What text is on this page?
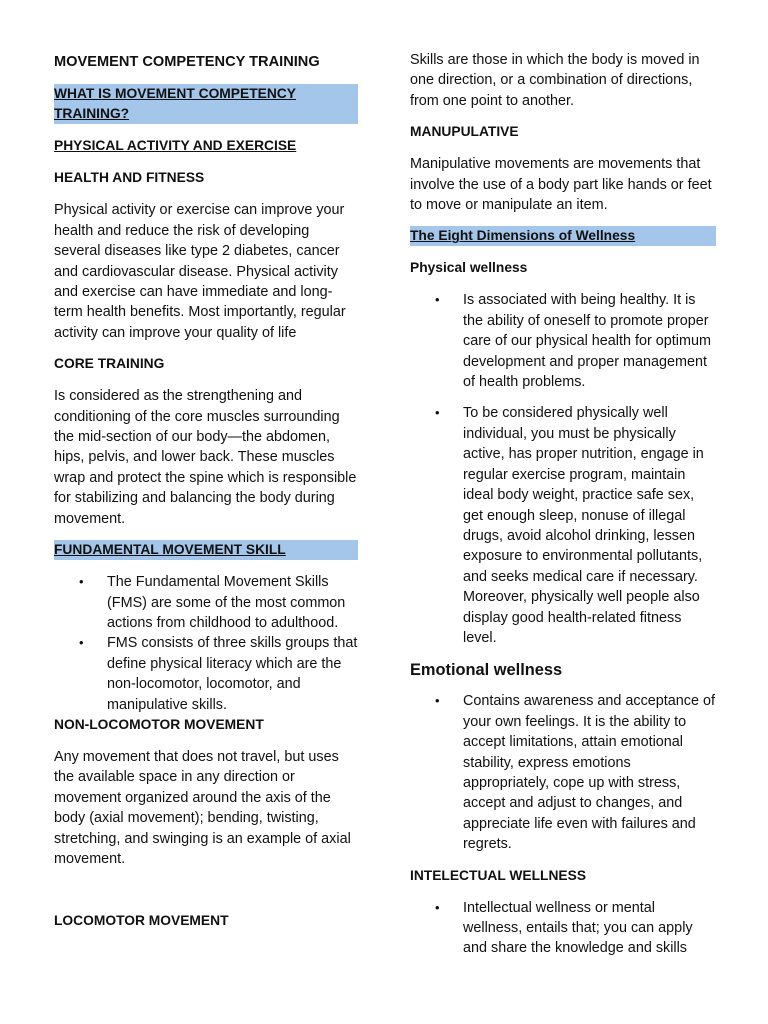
MOVEMENT COMPETENCY TRAINING

WHAT IS MOVEMENT COMPETENCY TRAINING?

PHYSICAL ACTIVITY AND EXERCISE

HEALTH AND FITNESS

Physical activity or exercise can improve your health and reduce the risk of developing several diseases like type 2 diabetes, cancer and cardiovascular disease. Physical activity and exercise can have immediate and long-term health benefits. Most importantly, regular activity can improve your quality of life

CORE TRAINING

Is considered as the strengthening and conditioning of the core muscles surrounding the mid-section of our body—the abdomen, hips, pelvis, and lower back. These muscles wrap and protect the spine which is responsible for stabilizing and balancing the body during movement.

FUNDAMENTAL MOVEMENT SKILL

• The Fundamental Movement Skills (FMS) are some of the most common actions from childhood to adulthood.
• FMS consists of three skills groups that define physical literacy which are the non-locomotor, locomotor, and manipulative skills.

NON-LOCOMOTOR MOVEMENT

Any movement that does not travel, but uses the available space in any direction or movement organized around the axis of the body (axial movement); bending, twisting, stretching, and swinging is an example of axial movement.

LOCOMOTOR MOVEMENT

Skills are those in which the body is moved in one direction, or a combination of directions, from one point to another.

MANUPULATIVE

Manipulative movements are movements that involve the use of a body part like hands or feet to move or manipulate an item.

The Eight Dimensions of Wellness

Physical wellness

• Is associated with being healthy. It is the ability of oneself to promote proper care of our physical health for optimum development and proper management of health problems.
• To be considered physically well individual, you must be physically active, has proper nutrition, engage in regular exercise program, maintain ideal body weight, practice safe sex, get enough sleep, nonuse of illegal drugs, avoid alcohol drinking, lessen exposure to environmental pollutants, and seeks medical care if necessary. Moreover, physically well people also display good health-related fitness level.

Emotional wellness

• Contains awareness and acceptance of your own feelings. It is the ability to accept limitations, attain emotional stability, express emotions appropriately, cope up with stress, accept and adjust to changes, and appreciate life even with failures and regrets.

INTELECTUAL WELLNESS

• Intellectual wellness or mental wellness, entails that; you can apply and share the knowledge and skills
